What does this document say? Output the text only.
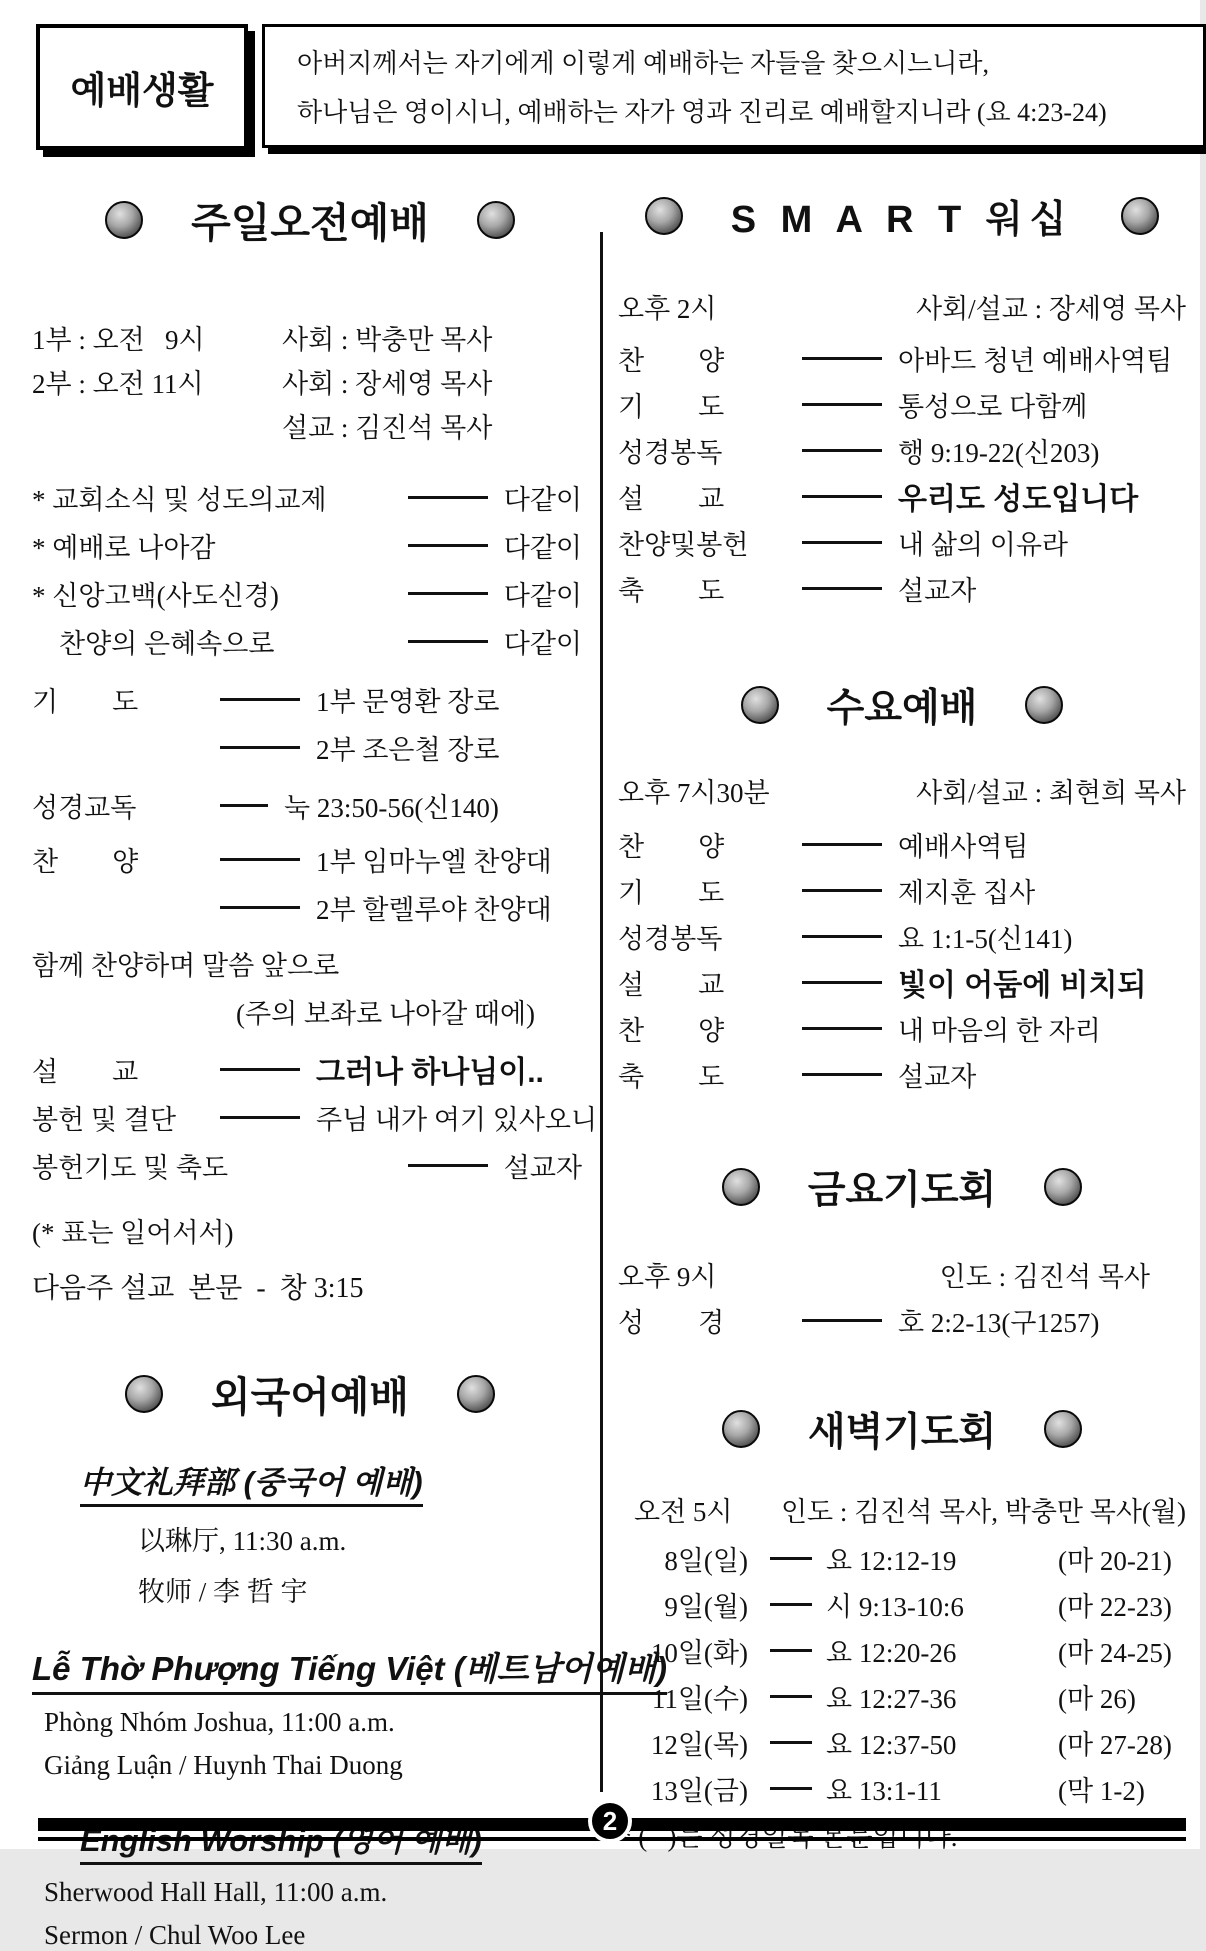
예배생활
아버지께서는 자기에게 이렇게 예배하는 자들을 찾으시느니라,
하나님은 영이시니, 예배하는 자가 영과 진리로 예배할지니라 (요 4:23-24)
주일오전예배
1부 : 오전   9시	사회 : 박충만 목사
2부 : 오전 11시	사회 : 장세영 목사
설교 : 김진석 목사
* 교회소식 및 성도의교제	다같이
* 예배로 나아감	다같이
* 신앙고백(사도신경)	다같이
  찬양의 은혜속으로	다같이
기　　도	1부 문영환 장로
2부 조은철 장로
성경교독	눅 23:50-56(신140)
찬　　양	1부 임마누엘 찬양대
2부 할렐루야 찬양대
함께 찬양하며 말씀 앞으로
(주의 보좌로 나아갈 때에)
설　　교	그러나 하나님이..
봉헌 및 결단	주님 내가 여기 있사오니
봉헌기도 및 축도	설교자
(* 표는 일어서서)
다음주 설교  본문  -  창 3:15
외국어예배
中文礼拜部 (중국어 예배)
以琳厅, 11:30 a.m.
牧师 / 李 哲 宇
Lễ Thờ Phượng Tiếng Việt (베트남어예배)
Phòng Nhóm Joshua, 11:00 a.m.
Giảng Luận / Huynh Thai Duong
Sherwood Hall Hall, 11:00 a.m.
Sermon / Chul Woo Lee
S M A R T 워십
오후 2시	사회/설교 : 장세영 목사
찬　　양	아바드 청년 예배사역팀
기　　도	통성으로 다함께
성경봉독	행 9:19-22(신203)
설　　교	우리도 성도입니다
찬양및봉헌	내 삶의 이유라
축　　도	설교자
수요예배
오후 7시30분	사회/설교 : 최현희 목사
찬　　양	예배사역팀
기　　도	제지훈 집사
성경봉독	요 1:1-5(신141)
설　　교	빛이 어둠에 비치되
찬　　양	내 마음의 한 자리
축　　도	설교자
금요기도회
오후 9시	인도 : 김진석 목사
성　　경	호 2:2-13(구1257)
새벽기도회
오전 5시 인도 : 김진석 목사, 박충만 목사(월)
8일(일)	요 12:12-19	(마 20-21)
9일(월)	시 9:13-10:6	(마 22-23)
10일(화)	요 12:20-26	(마 24-25)
11일(수)	요 12:27-36	(마 26)
12일(목)	요 12:37-50	(마 27-28)
13일(금)	요 13:1-11	(막 1-2)
2
